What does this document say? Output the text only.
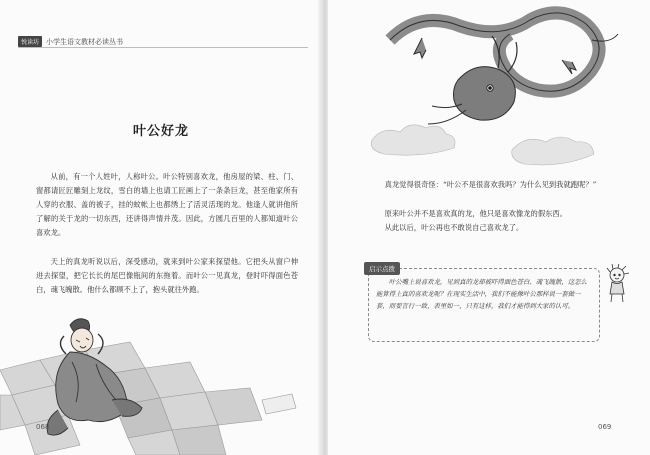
悦读坊	小学生语文教材必读丛书
叶公好龙

从前，有一个人姓叶，人称叶公。叶公特别喜欢龙，他房屋的梁、柱、门、窗都请匠匠雕刻上龙纹，雪白的墙上也请工匠画上了一条条巨龙，甚至他家所有人穿的衣服、盖的被子，挂的蚊帐上也都绣上了活灵活现的龙。他逢人就讲他所了解的关于龙的一切东西，还讲得声情并茂。因此，方圆几百里的人都知道叶公喜欢龙。

天上的真龙听说以后，深受感动，就来到叶公家来探望他。它把头从窗户伸进去探望，把它长长的尾巴像瓶间的东拖着。而叶公一见真龙，登时吓得面色苍白，魂飞魄散。他什么都顾不上了，抱头就往外跑。

068

真龙觉得很奇怪：“叶公不是很喜欢我吗？为什么见到我就跑呢？”

原来叶公并不是喜欢真的龙，他只是喜欢像龙的假东西。

从此以后，叶公再也不敢说自己喜欢龙了。

启示点拨

叶公嘴上说喜欢龙，见到真的龙却被吓得面色苍白、魂飞魄散，这怎么能算得上真的喜欢龙呢？在现实生活中，我们不能像叶公那样说一套做一套，而要言行一致，表里如一，只有这样，我们才能得到大家的认可。

069
